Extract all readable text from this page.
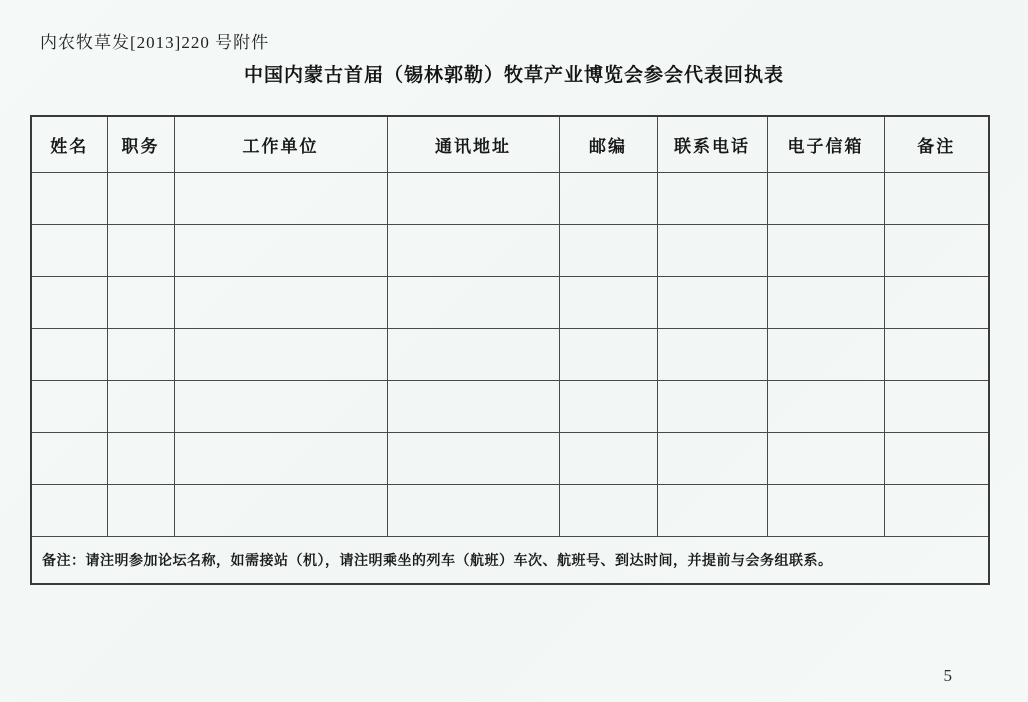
内农牧草发[2013]220 号附件
中国内蒙古首届（锡林郭勒）牧草产业博览会参会代表回执表
姓名	职务	工作单位	通讯地址	邮编	联系电话	电子信箱	备注

备注：请注明参加论坛名称，如需接站（机），请注明乘坐的列车（航班）车次、航班号、到达时间，并提前与会务组联系。							
5
